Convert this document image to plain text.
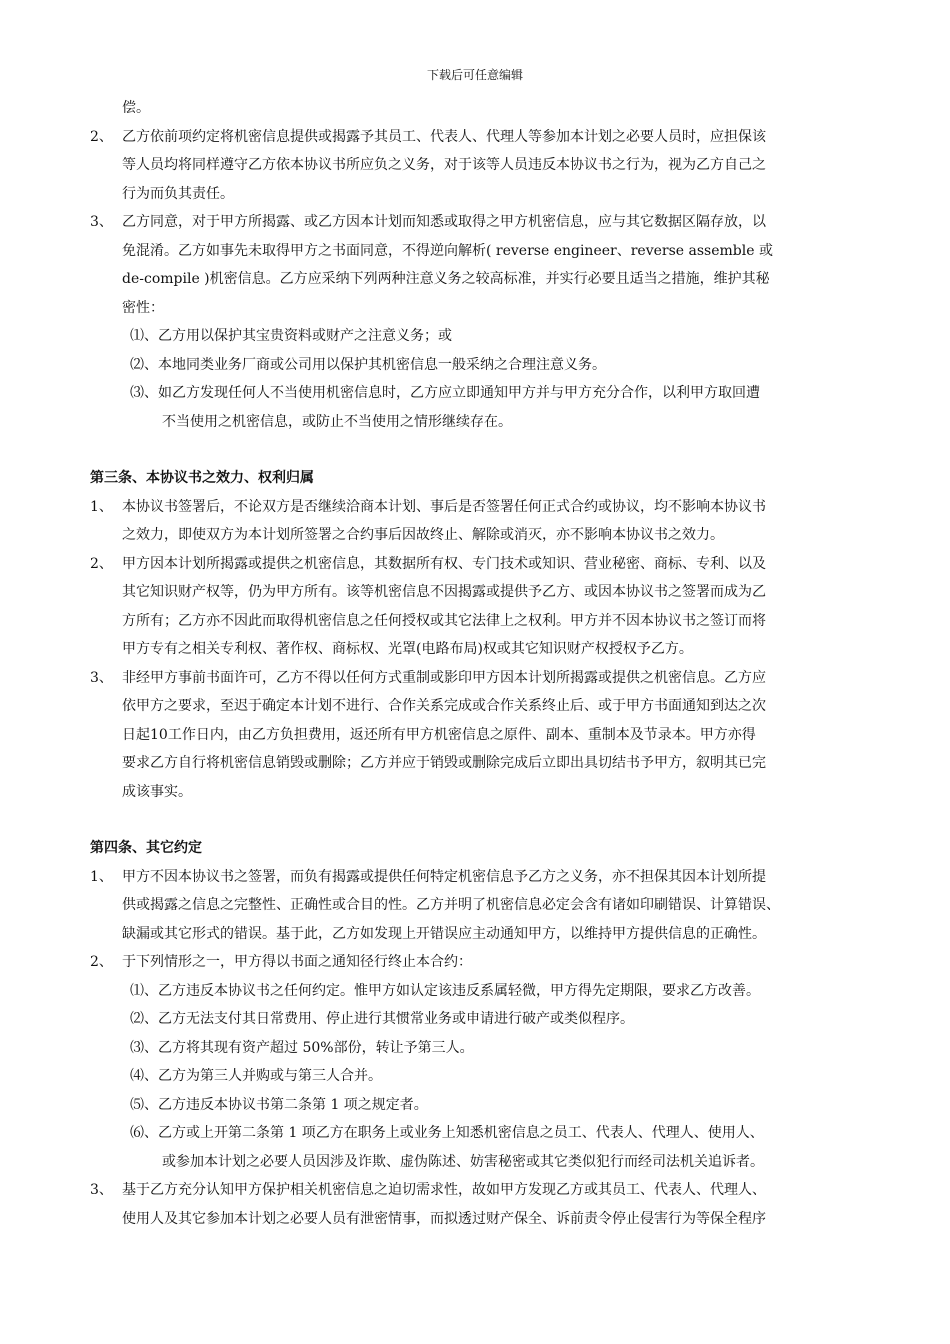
下载后可任意编辑
偿。
2、 乙方依前项约定将机密信息提供或揭露予其员工、代表人、代理人等参加本计划之必要人员时，应担保该
等人员均将同样遵守乙方依本协议书所应负之义务，对于该等人员违反本协议书之行为，视为乙方自己之
行为而负其责任。
3、 乙方同意，对于甲方所揭露、或乙方因本计划而知悉或取得之甲方机密信息，应与其它数据区隔存放，以
免混淆。乙方如事先未取得甲方之书面同意，不得逆向解析( reverse engineer、reverse assemble 或
de-compile )机密信息。乙方应采纳下列两种注意义务之较高标准，并实行必要且适当之措施，维护其秘
密性：
⑴、乙方用以保护其宝贵资料或财产之注意义务；或
⑵、本地同类业务厂商或公司用以保护其机密信息一般采纳之合理注意义务。
⑶、如乙方发现任何人不当使用机密信息时，乙方应立即通知甲方并与甲方充分合作，以利甲方取回遭
不当使用之机密信息，或防止不当使用之情形继续存在。
第三条、本协议书之效力、权利归属
1、 本协议书签署后，不论双方是否继续洽商本计划、事后是否签署任何正式合约或协议，均不影响本协议书
之效力，即使双方为本计划所签署之合约事后因故终止、解除或消灭，亦不影响本协议书之效力。
2、 甲方因本计划所揭露或提供之机密信息，其数据所有权、专门技术或知识、营业秘密、商标、专利、以及
其它知识财产权等，仍为甲方所有。该等机密信息不因揭露或提供予乙方、或因本协议书之签署而成为乙
方所有；乙方亦不因此而取得机密信息之任何授权或其它法律上之权利。甲方并不因本协议书之签订而将
甲方专有之相关专利权、著作权、商标权、光罩(电路布局)权或其它知识财产权授权予乙方。
3、 非经甲方事前书面许可，乙方不得以任何方式重制或影印甲方因本计划所揭露或提供之机密信息。乙方应
依甲方之要求，至迟于确定本计划不进行、合作关系完成或合作关系终止后、或于甲方书面通知到达之次
日起10工作日内，由乙方负担费用，返还所有甲方机密信息之原件、副本、重制本及节录本。甲方亦得
要求乙方自行将机密信息销毁或删除；乙方并应于销毁或删除完成后立即出具切结书予甲方，叙明其已完
成该事实。
第四条、其它约定
1、 甲方不因本协议书之签署，而负有揭露或提供任何特定机密信息予乙方之义务，亦不担保其因本计划所提
供或揭露之信息之完整性、正确性或合目的性。乙方并明了机密信息必定会含有诸如印刷错误、计算错误、
缺漏或其它形式的错误。基于此，乙方如发现上开错误应主动通知甲方，以维持甲方提供信息的正确性。
2、 于下列情形之一，甲方得以书面之通知径行终止本合约：
⑴、乙方违反本协议书之任何约定。惟甲方如认定该违反系属轻微，甲方得先定期限，要求乙方改善。
⑵、乙方无法支付其日常费用、停止进行其惯常业务或申请进行破产或类似程序。
⑶、乙方将其现有资产超过 50%部份，转让予第三人。
⑷、乙方为第三人并购或与第三人合并。
⑸、乙方违反本协议书第二条第 1 项之规定者。
⑹、乙方或上开第二条第 1 项乙方在职务上或业务上知悉机密信息之员工、代表人、代理人、使用人、
或参加本计划之必要人员因涉及诈欺、虚伪陈述、妨害秘密或其它类似犯行而经司法机关追诉者。
3、 基于乙方充分认知甲方保护相关机密信息之迫切需求性，故如甲方发现乙方或其员工、代表人、代理人、
使用人及其它参加本计划之必要人员有泄密情事，而拟透过财产保全、诉前责令停止侵害行为等保全程序
